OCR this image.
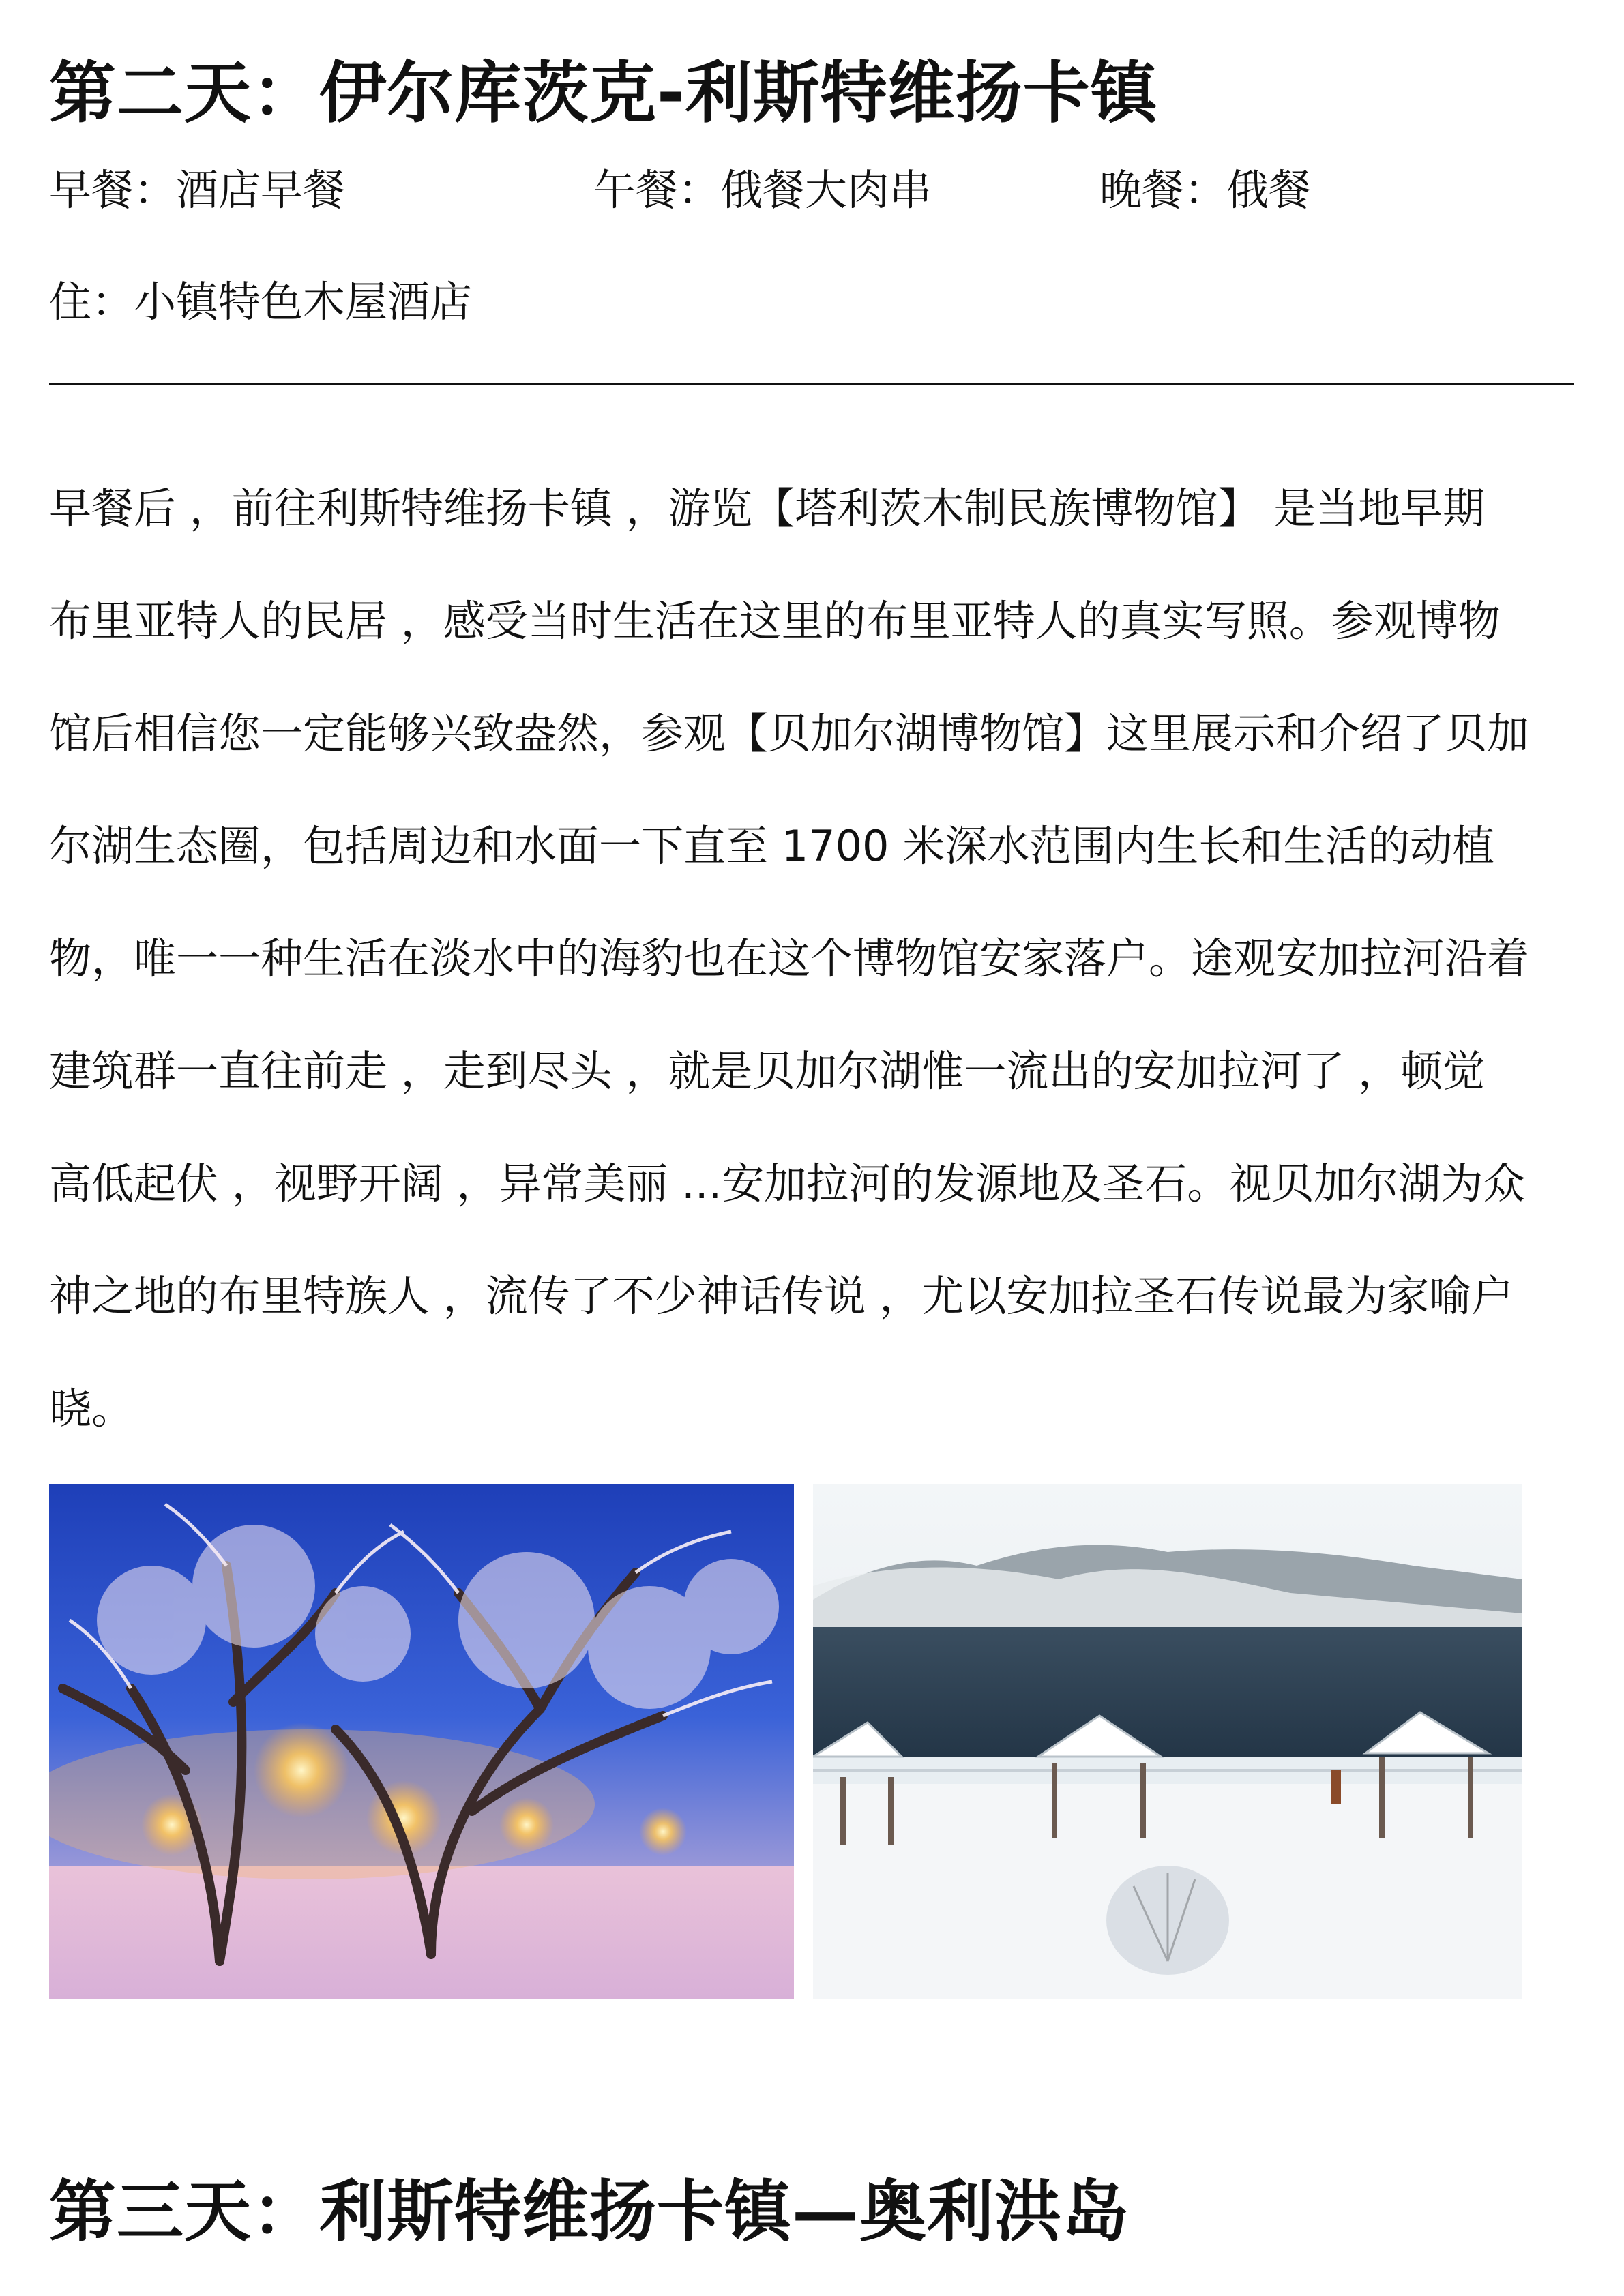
第二天：伊尔库茨克-利斯特维扬卡镇
早餐：酒店早餐	午餐：俄餐大肉串	晚餐：俄餐
住：小镇特色木屋酒店
早餐后 ，前往利斯特维扬卡镇 ，游览【塔利茨木制民族博物馆】 是当地早期
布里亚特人的民居 ，感受当时生活在这里的布里亚特人的真实写照。参观博物
馆后相信您一定能够兴致盎然，参观【贝加尔湖博物馆】这里展示和介绍了贝加
尔湖生态圈，包括周边和水面一下直至 1700 米深水范围内生长和生活的动植
物，唯一一种生活在淡水中的海豹也在这个博物馆安家落户。途观安加拉河沿着
建筑群一直往前走 ，走到尽头 ，就是贝加尔湖惟一流出的安加拉河了 ，顿觉
高低起伏 ，视野开阔 ，异常美丽 ...安加拉河的发源地及圣石。视贝加尔湖为众
神之地的布里特族人 ，流传了不少神话传说 ，尤以安加拉圣石传说最为家喻户
晓。
第三天：利斯特维扬卡镇—奥利洪岛
